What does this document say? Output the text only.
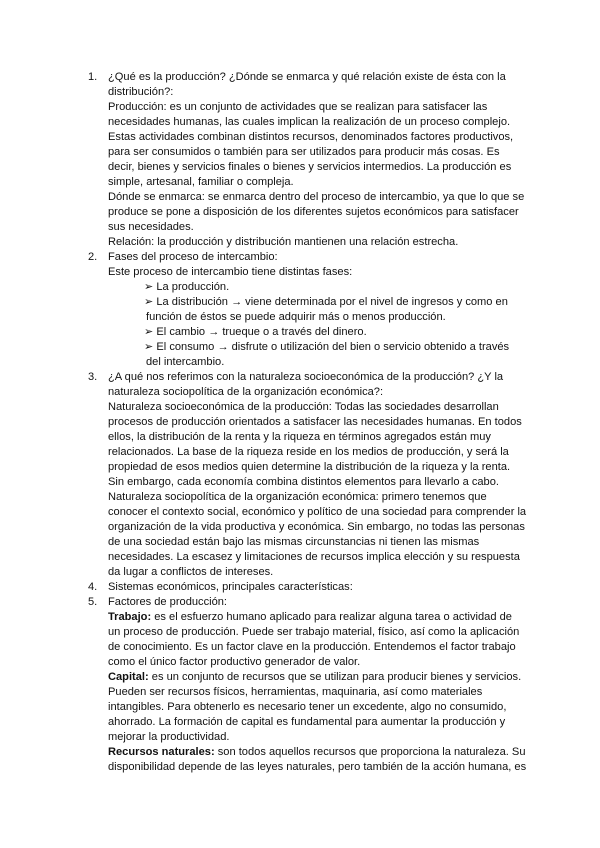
1. ¿Qué es la producción? ¿Dónde se enmarca y qué relación existe de ésta con la
distribución?:
Producción: es un conjunto de actividades que se realizan para satisfacer las
necesidades humanas, las cuales implican la realización de un proceso complejo.
Estas actividades combinan distintos recursos, denominados factores productivos,
para ser consumidos o también para ser utilizados para producir más cosas. Es
decir, bienes y servicios finales o bienes y servicios intermedios. La producción es
simple, artesanal, familiar o compleja.
Dónde se enmarca: se enmarca dentro del proceso de intercambio, ya que lo que se
produce se pone a disposición de los diferentes sujetos económicos para satisfacer
sus necesidades.
Relación: la producción y distribución mantienen una relación estrecha.
2. Fases del proceso de intercambio:
Este proceso de intercambio tiene distintas fases:
➢ La producción.
➢ La distribución → viene determinada por el nivel de ingresos y como en
función de éstos se puede adquirir más o menos producción.
➢ El cambio → trueque o a través del dinero.
➢ El consumo → disfrute o utilización del bien o servicio obtenido a través
del intercambio.
3. ¿A qué nos referimos con la naturaleza socioeconómica de la producción? ¿Y la
naturaleza sociopolítica de la organización económica?:
Naturaleza socioeconómica de la producción: Todas las sociedades desarrollan
procesos de producción orientados a satisfacer las necesidades humanas. En todos
ellos, la distribución de la renta y la riqueza en términos agregados están muy
relacionados. La base de la riqueza reside en los medios de producción, y será la
propiedad de esos medios quien determine la distribución de la riqueza y la renta.
Sin embargo, cada economía combina distintos elementos para llevarlo a cabo.
Naturaleza sociopolítica de la organización económica: primero tenemos que
conocer el contexto social, económico y político de una sociedad para comprender la
organización de la vida productiva y económica. Sin embargo, no todas las personas
de una sociedad están bajo las mismas circunstancias ni tienen las mismas
necesidades. La escasez y limitaciones de recursos implica elección y su respuesta
da lugar a conflictos de intereses.
4. Sistemas económicos, principales características:
5. Factores de producción:
Trabajo: es el esfuerzo humano aplicado para realizar alguna tarea o actividad de
un proceso de producción. Puede ser trabajo material, físico, así como la aplicación
de conocimiento. Es un factor clave en la producción. Entendemos el factor trabajo
como el único factor productivo generador de valor.
Capital: es un conjunto de recursos que se utilizan para producir bienes y servicios.
Pueden ser recursos físicos, herramientas, maquinaria, así como materiales
intangibles. Para obtenerlo es necesario tener un excedente, algo no consumido,
ahorrado. La formación de capital es fundamental para aumentar la producción y
mejorar la productividad.
Recursos naturales: son todos aquellos recursos que proporciona la naturaleza. Su
disponibilidad depende de las leyes naturales, pero también de la acción humana, es
